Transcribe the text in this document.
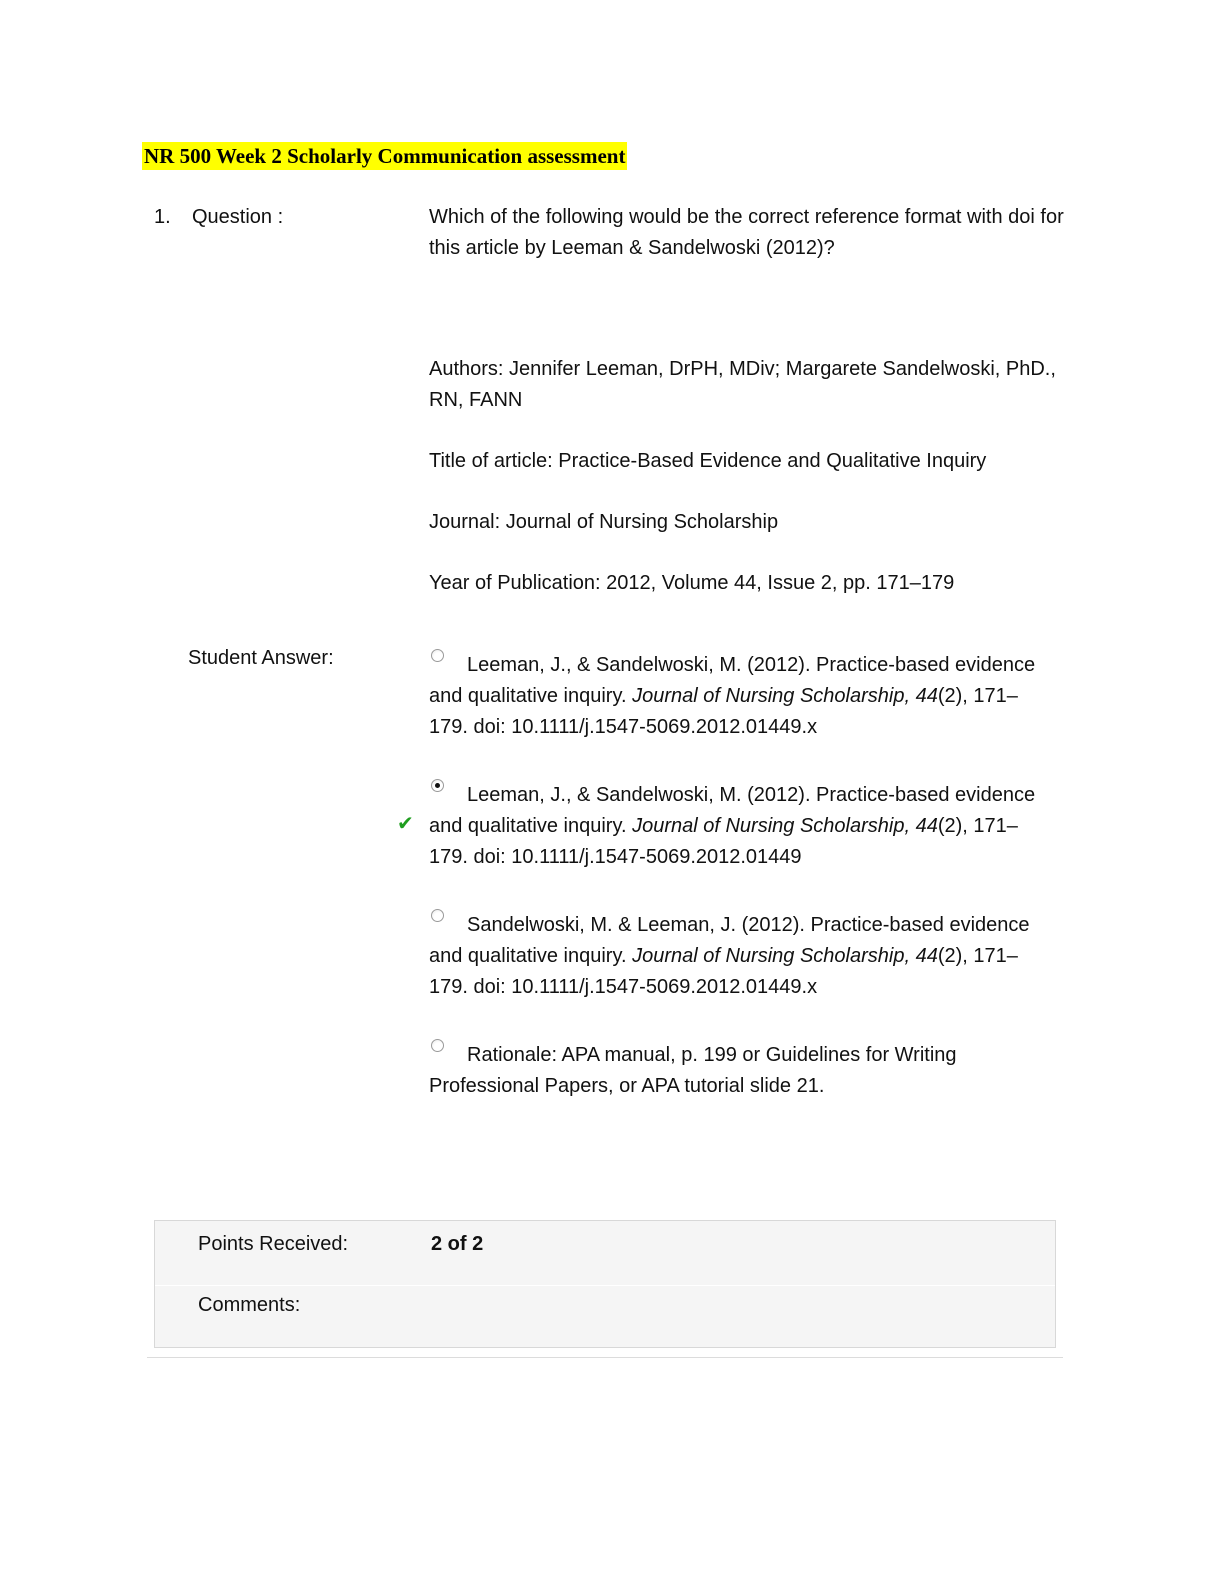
NR 500 Week 2 Scholarly Communication assessment
1. Question :	Which of the following would be the correct reference format with doi for this article by Leeman & Sandelwoski (2012)?
Authors: Jennifer Leeman, DrPH, MDiv; Margarete Sandelwoski, PhD., RN, FANN
Title of article: Practice-Based Evidence and Qualitative Inquiry
Journal: Journal of Nursing Scholarship
Year of Publication: 2012, Volume 44, Issue 2, pp. 171–179
Student Answer:	Leeman, J., & Sandelwoski, M. (2012). Practice-based evidence and qualitative inquiry. Journal of Nursing Scholarship, 44(2), 171–179. doi: 10.1111/j.1547-5069.2012.01449.x
✔
Leeman, J., & Sandelwoski, M. (2012). Practice-based evidence and qualitative inquiry. Journal of Nursing Scholarship, 44(2), 171–179. doi: 10.1111/j.1547-5069.2012.01449
Sandelwoski, M. & Leeman, J. (2012). Practice-based evidence and qualitative inquiry. Journal of Nursing Scholarship, 44(2), 171–179. doi: 10.1111/j.1547-5069.2012.01449.x
Rationale: APA manual, p. 199 or Guidelines for Writing Professional Papers, or APA tutorial slide 21.
Points Received:	2 of 2
Comments:
